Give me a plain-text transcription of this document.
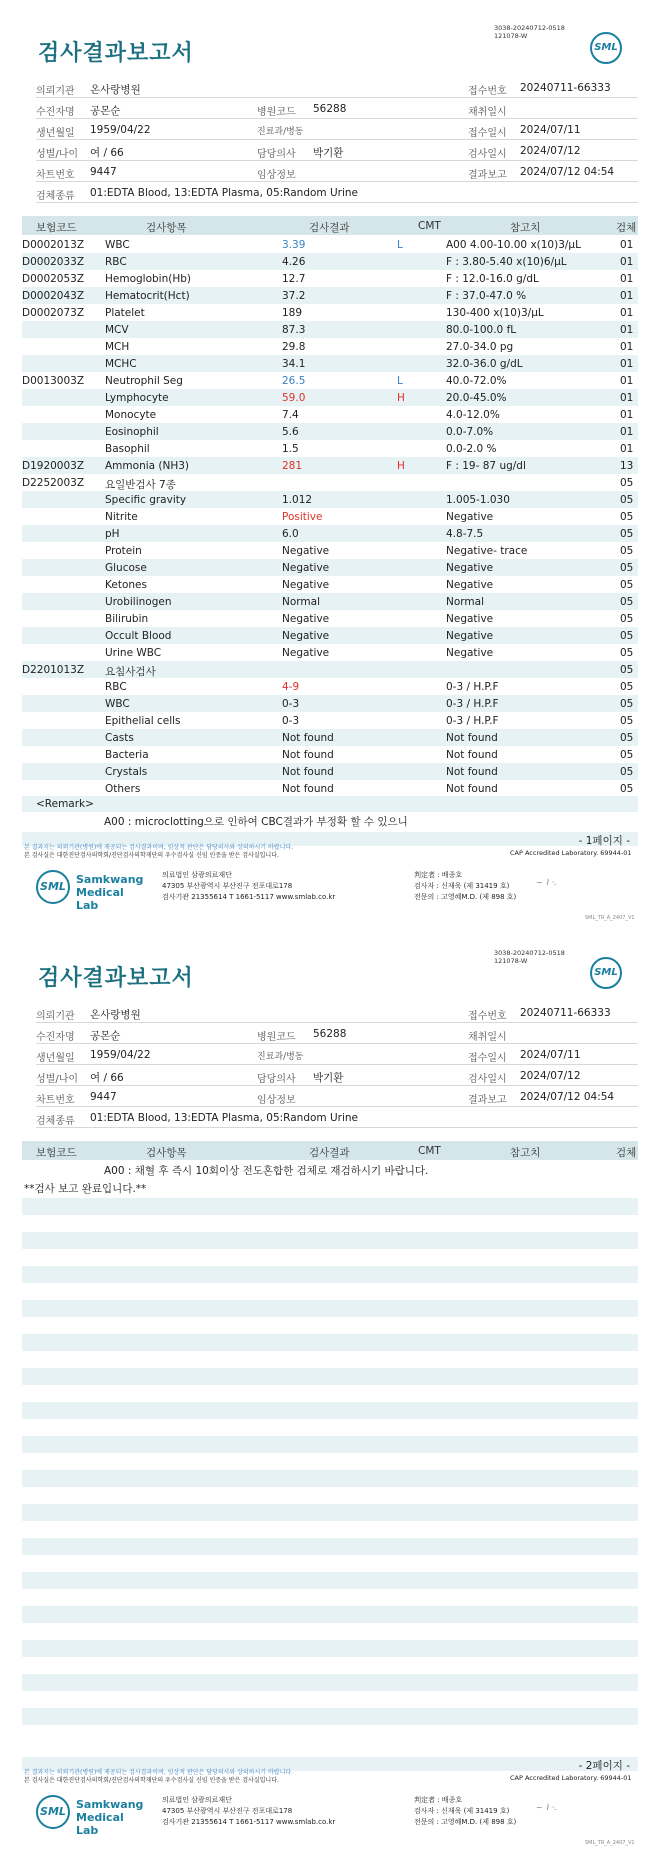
검사결과보고서
3038-20240712-0518
121078-W
SML
의뢰기관 온사랑병원	접수번호 20240711-66333
수진자명 공몬순	병원코드 56288	채취일시
생년월일 1959/04/22	진료과/병동	접수일시 2024/07/11
성별/나이 여 / 66	담당의사 박기환	검사일시 2024/07/12
차트번호 9447	임상정보	결과보고 2024/07/12 04:54
검체종류 01:EDTA Blood, 13:EDTA Plasma, 05:Random Urine
보험코드	검사항목	검사결과	CMT	참고치	검체
D0002013Z WBC	3.39	L	A00 4.00-10.00 x(10)3/μL	01
D0002033Z RBC	4.26	F : 3.80-5.40 x(10)6/μL	01
D0002053Z Hemoglobin(Hb)	12.7	F : 12.0-16.0 g/dL	01
D0002043Z Hematocrit(Hct)	37.2	F : 37.0-47.0 %	01
D0002073Z Platelet	189	130-400 x(10)3/μL	01
MCV	87.3	80.0-100.0 fL	01
MCH	29.8	27.0-34.0 pg	01
MCHC	34.1	32.0-36.0 g/dL	01
D0013003Z Neutrophil Seg	26.5	L	40.0-72.0%	01
Lymphocyte	59.0	H	20.0-45.0%	01
Monocyte	7.4	4.0-12.0%	01
Eosinophil	5.6	0.0-7.0%	01
Basophil	1.5	0.0-2.0 %	01
D1920003Z Ammonia (NH3)	281	H	F : 19- 87 ug/dl	13
D2252003Z 요일반검사 7종	05
Specific gravity	1.012	1.005-1.030	05
Nitrite	Positive	Negative	05
pH	6.0	4.8-7.5	05
Protein	Negative	Negative- trace	05
Glucose	Negative	Negative	05
Ketones	Negative	Negative	05
Urobilinogen	Normal	Normal	05
Bilirubin	Negative	Negative	05
Occult Blood	Negative	Negative	05
Urine WBC	Negative	Negative	05
D2201013Z 요침사검사	05
RBC	4-9	0-3 / H.P.F	05
WBC	0-3	0-3 / H.P.F	05
Epithelial cells	0-3	0-3 / H.P.F	05
Casts	Not found	Not found	05
Bacteria	Not found	Not found	05
Crystals	Not found	Not found	05
Others	Not found	Not found	05
<Remark>
A00 : microclotting으로 인하여 CBC결과가 부정확 할 수 있으니
- 1페이지 -
본 결과지는 의뢰기관(병원)에 제공되는 검사결과이며, 임상적 판단은 담당의사와 상의하시기 바랍니다.
본 검사실은 대한진단검사의학회/진단검사의학재단의 우수검사실 신임 인증을 받은 검사실입니다.	CAP Accredited Laboratory. 69944-01
SML
Samkwang
Medical Lab
의료법인 삼광의료재단
47305 부산광역시 부산진구 전포대로178
검사기관 21355614 T 1661-5117 www.smlab.co.kr
判定者 : 배종호
검사자 : 신재욱 (제 31419 호)
전문의 : 고영혜M.D. (제 898 호)
~ ⌇ ·.
SML_TR_A_2407_V1
검사결과보고서
3038-20240712-0518
121078-W
SML
의뢰기관 온사랑병원	접수번호 20240711-66333
수진자명 공몬순	병원코드 56288	채취일시
생년월일 1959/04/22	진료과/병동	접수일시 2024/07/11
성별/나이 여 / 66	담당의사 박기환	검사일시 2024/07/12
차트번호 9447	임상정보	결과보고 2024/07/12 04:54
검체종류 01:EDTA Blood, 13:EDTA Plasma, 05:Random Urine
보험코드	검사항목	검사결과	CMT	참고치	검체
A00 : 채혈 후 즉시 10회이상 전도혼합한 검체로 재검하시기 바랍니다.
**검사 보고 완료입니다.**
- 2페이지 -
본 결과지는 의뢰기관(병원)에 제공되는 검사결과이며, 임상적 판단은 담당의사와 상의하시기 바랍니다.
본 검사실은 대한진단검사의학회/진단검사의학재단의 우수검사실 신임 인증을 받은 검사실입니다.	CAP Accredited Laboratory. 69944-01
SML
Samkwang
Medical Lab
의료법인 삼광의료재단
47305 부산광역시 부산진구 전포대로178
검사기관 21355614 T 1661-5117 www.smlab.co.kr
判定者 : 배종호
검사자 : 신재욱 (제 31419 호)
전문의 : 고영혜M.D. (제 898 호)
~ ⌇ ·.
SML_TR_A_2407_V1
